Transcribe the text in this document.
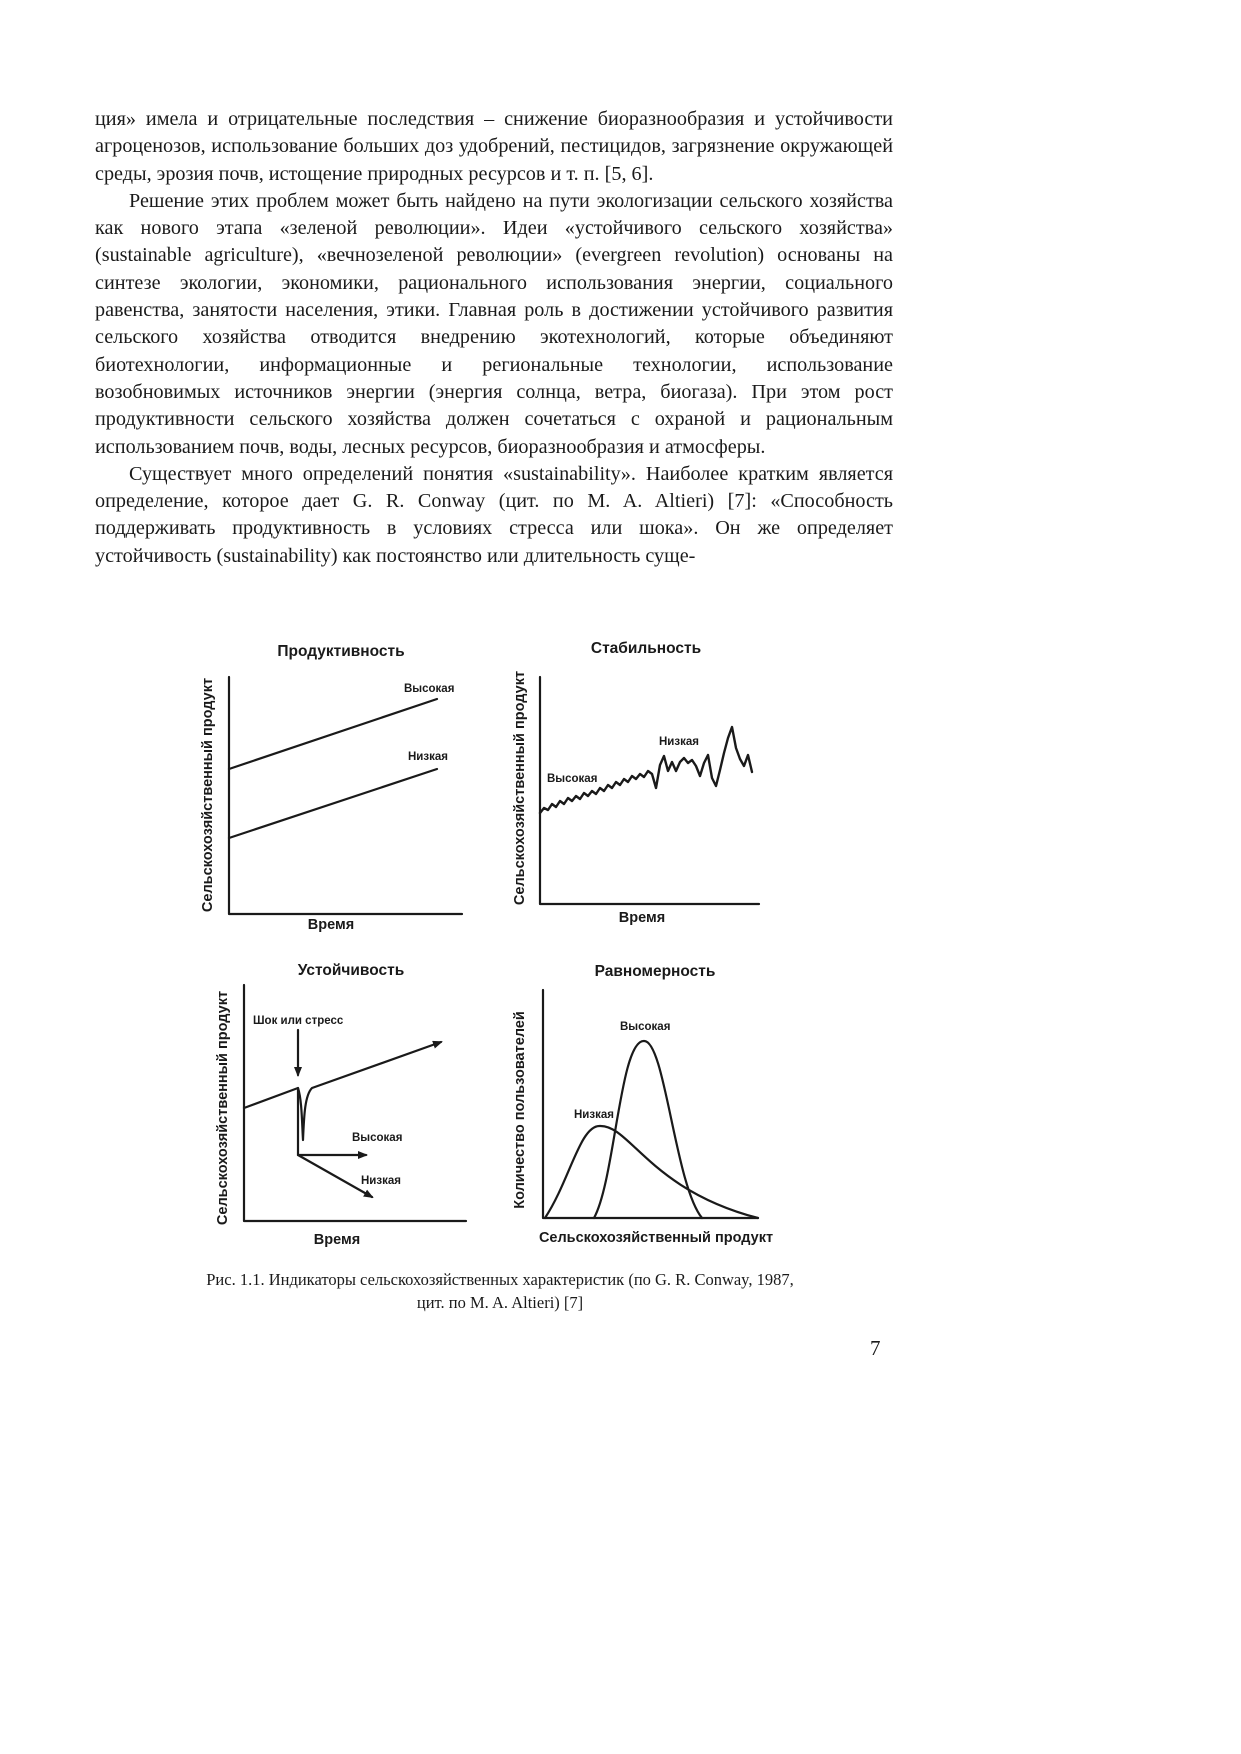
ция» имела и отрицательные последствия – снижение биоразнообразия и устойчивости агроценозов, использование больших доз удобрений, пестицидов, загрязнение окружающей среды, эрозия почв, истощение природных ресурсов и т. п. [5, 6].

Решение этих проблем может быть найдено на пути экологизации сельского хозяйства как нового этапа «зеленой революции». Идеи «устойчивого сельского хозяйства» (sustainable agriculture), «вечнозеленой революции» (evergreen revolution) основаны на синтезе экологии, экономики, рационального использования энергии, социального равенства, занятости населения, этики. Главная роль в достижении устойчивого развития сельского хозяйства отводится внедрению экотехнологий, которые объединяют биотехнологии, информационные и региональные технологии, использование возобновимых источников энергии (энергия солнца, ветра, биогаза). При этом рост продуктивности сельского хозяйства должен сочетаться с охраной и рациональным использованием почв, воды, лесных ресурсов, биоразнообразия и атмосферы.

Существует много определений понятия «sustainability». Наиболее кратким является определение, которое дает G. R. Conway (цит. по M. A. Altieri) [7]: «Способность поддерживать продуктивность в условиях стресса или шока». Он же определяет устойчивость (sustainability) как постоянство или длительность суще-

Продуктивность
Высокая
Низкая
Время
Сельскохозяйственный продукт
Стабильность
Высокая
Низкая
Время
Сельскохозяйственный продукт
Устойчивость
Шок или стресс
Высокая
Низкая
Время
Сельскохозяйственный продукт
Равномерность
Высокая
Низкая
Сельскохозяйственный продукт
Количество пользователей
Рис. 1.1. Индикаторы сельскохозяйственных характеристик (по G. R. Conway, 1987,
цит. по M. A. Altieri) [7]
7
